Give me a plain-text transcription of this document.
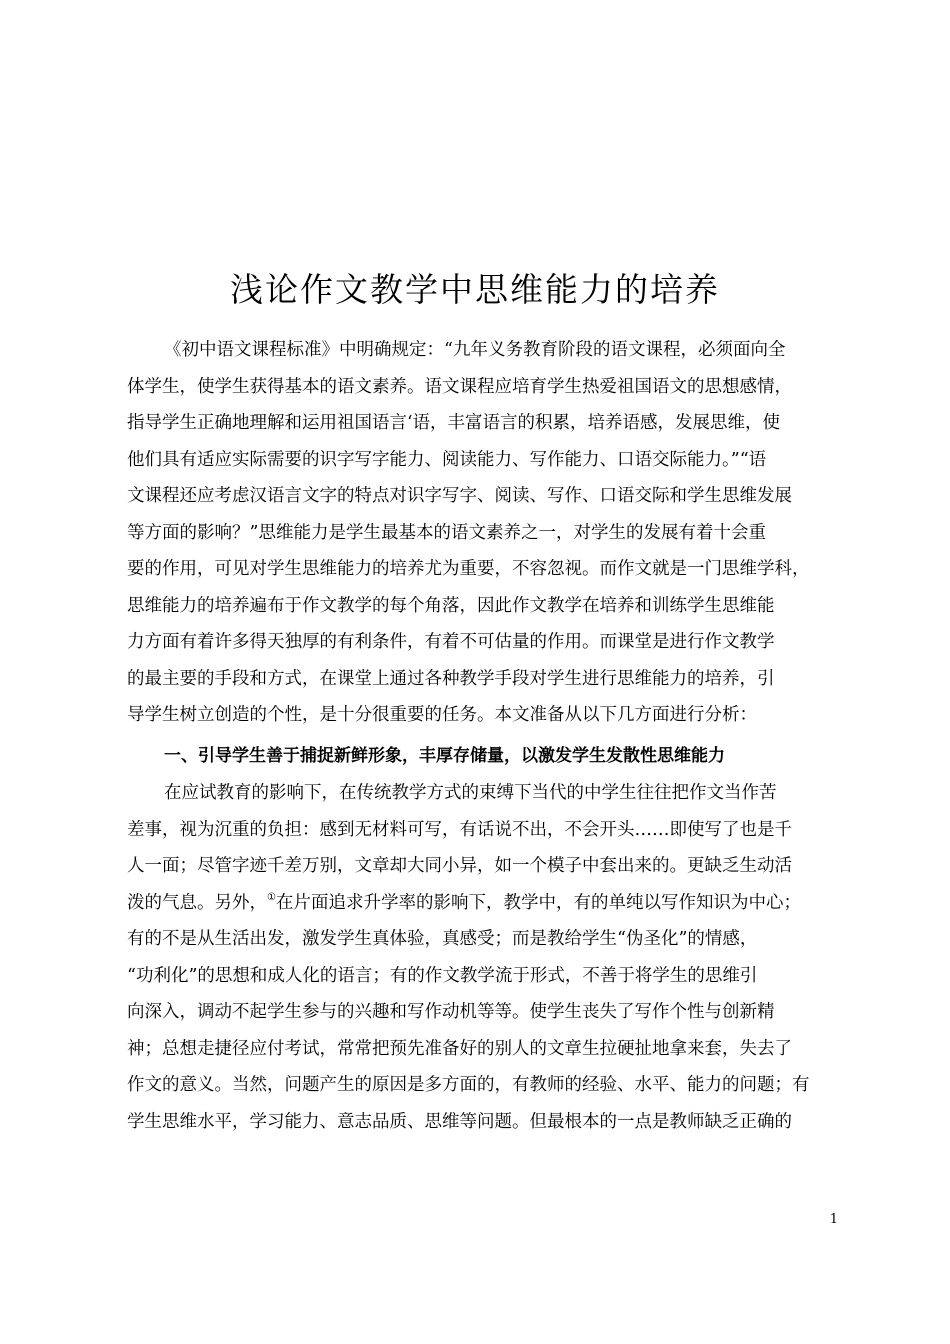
浅论作文教学中思维能力的培养
《初中语文课程标准》中明确规定：“九年义务教育阶段的语文课程，必须面向全
体学生，使学生获得基本的语文素养。语文课程应培育学生热爱祖国语文的思想感情，
指导学生正确地理解和运用祖国语言‘语，丰富语言的积累，培养语感，发展思维，使
他们具有适应实际需要的识字写字能力、阅读能力、写作能力、口语交际能力。”“语
文课程还应考虑汉语言文字的特点对识字写字、阅读、写作、口语交际和学生思维发展
等方面的影响？”思维能力是学生最基本的语文素养之一，对学生的发展有着十会重
要的作用，可见对学生思维能力的培养尤为重要，不容忽视。而作文就是一门思维学科，
思维能力的培养遍布于作文教学的每个角落，因此作文教学在培养和训练学生思维能
力方面有着许多得天独厚的有利条件，有着不可估量的作用。而课堂是进行作文教学
的最主要的手段和方式，在课堂上通过各种教学手段对学生进行思维能力的培养，引
导学生树立创造的个性，是十分很重要的任务。本文准备从以下几方面进行分析：
一、引导学生善于捕捉新鲜形象，丰厚存储量，以激发学生发散性思维能力
在应试教育的影响下，在传统教学方式的束缚下当代的中学生往往把作文当作苦
差事，视为沉重的负担：感到无材料可写，有话说不出，不会开头……即使写了也是千
人一面；尽管字迹千差万别，文章却大同小异，如一个模子中套出来的。更缺乏生动活
泼的气息。另外，①在片面追求升学率的影响下，教学中，有的单纯以写作知识为中心；
有的不是从生活出发，激发学生真体验，真感受；而是教给学生“伪圣化”的情感，
“功利化”的思想和成人化的语言；有的作文教学流于形式，不善于将学生的思维引
向深入，调动不起学生参与的兴趣和写作动机等等。使学生丧失了写作个性与创新精
神；总想走捷径应付考试，常常把预先准备好的别人的文章生拉硬扯地拿来套，失去了
作文的意义。当然，问题产生的原因是多方面的，有教师的经验、水平、能力的问题；有
学生思维水平，学习能力、意志品质、思维等问题。但最根本的一点是教师缺乏正确的
1
